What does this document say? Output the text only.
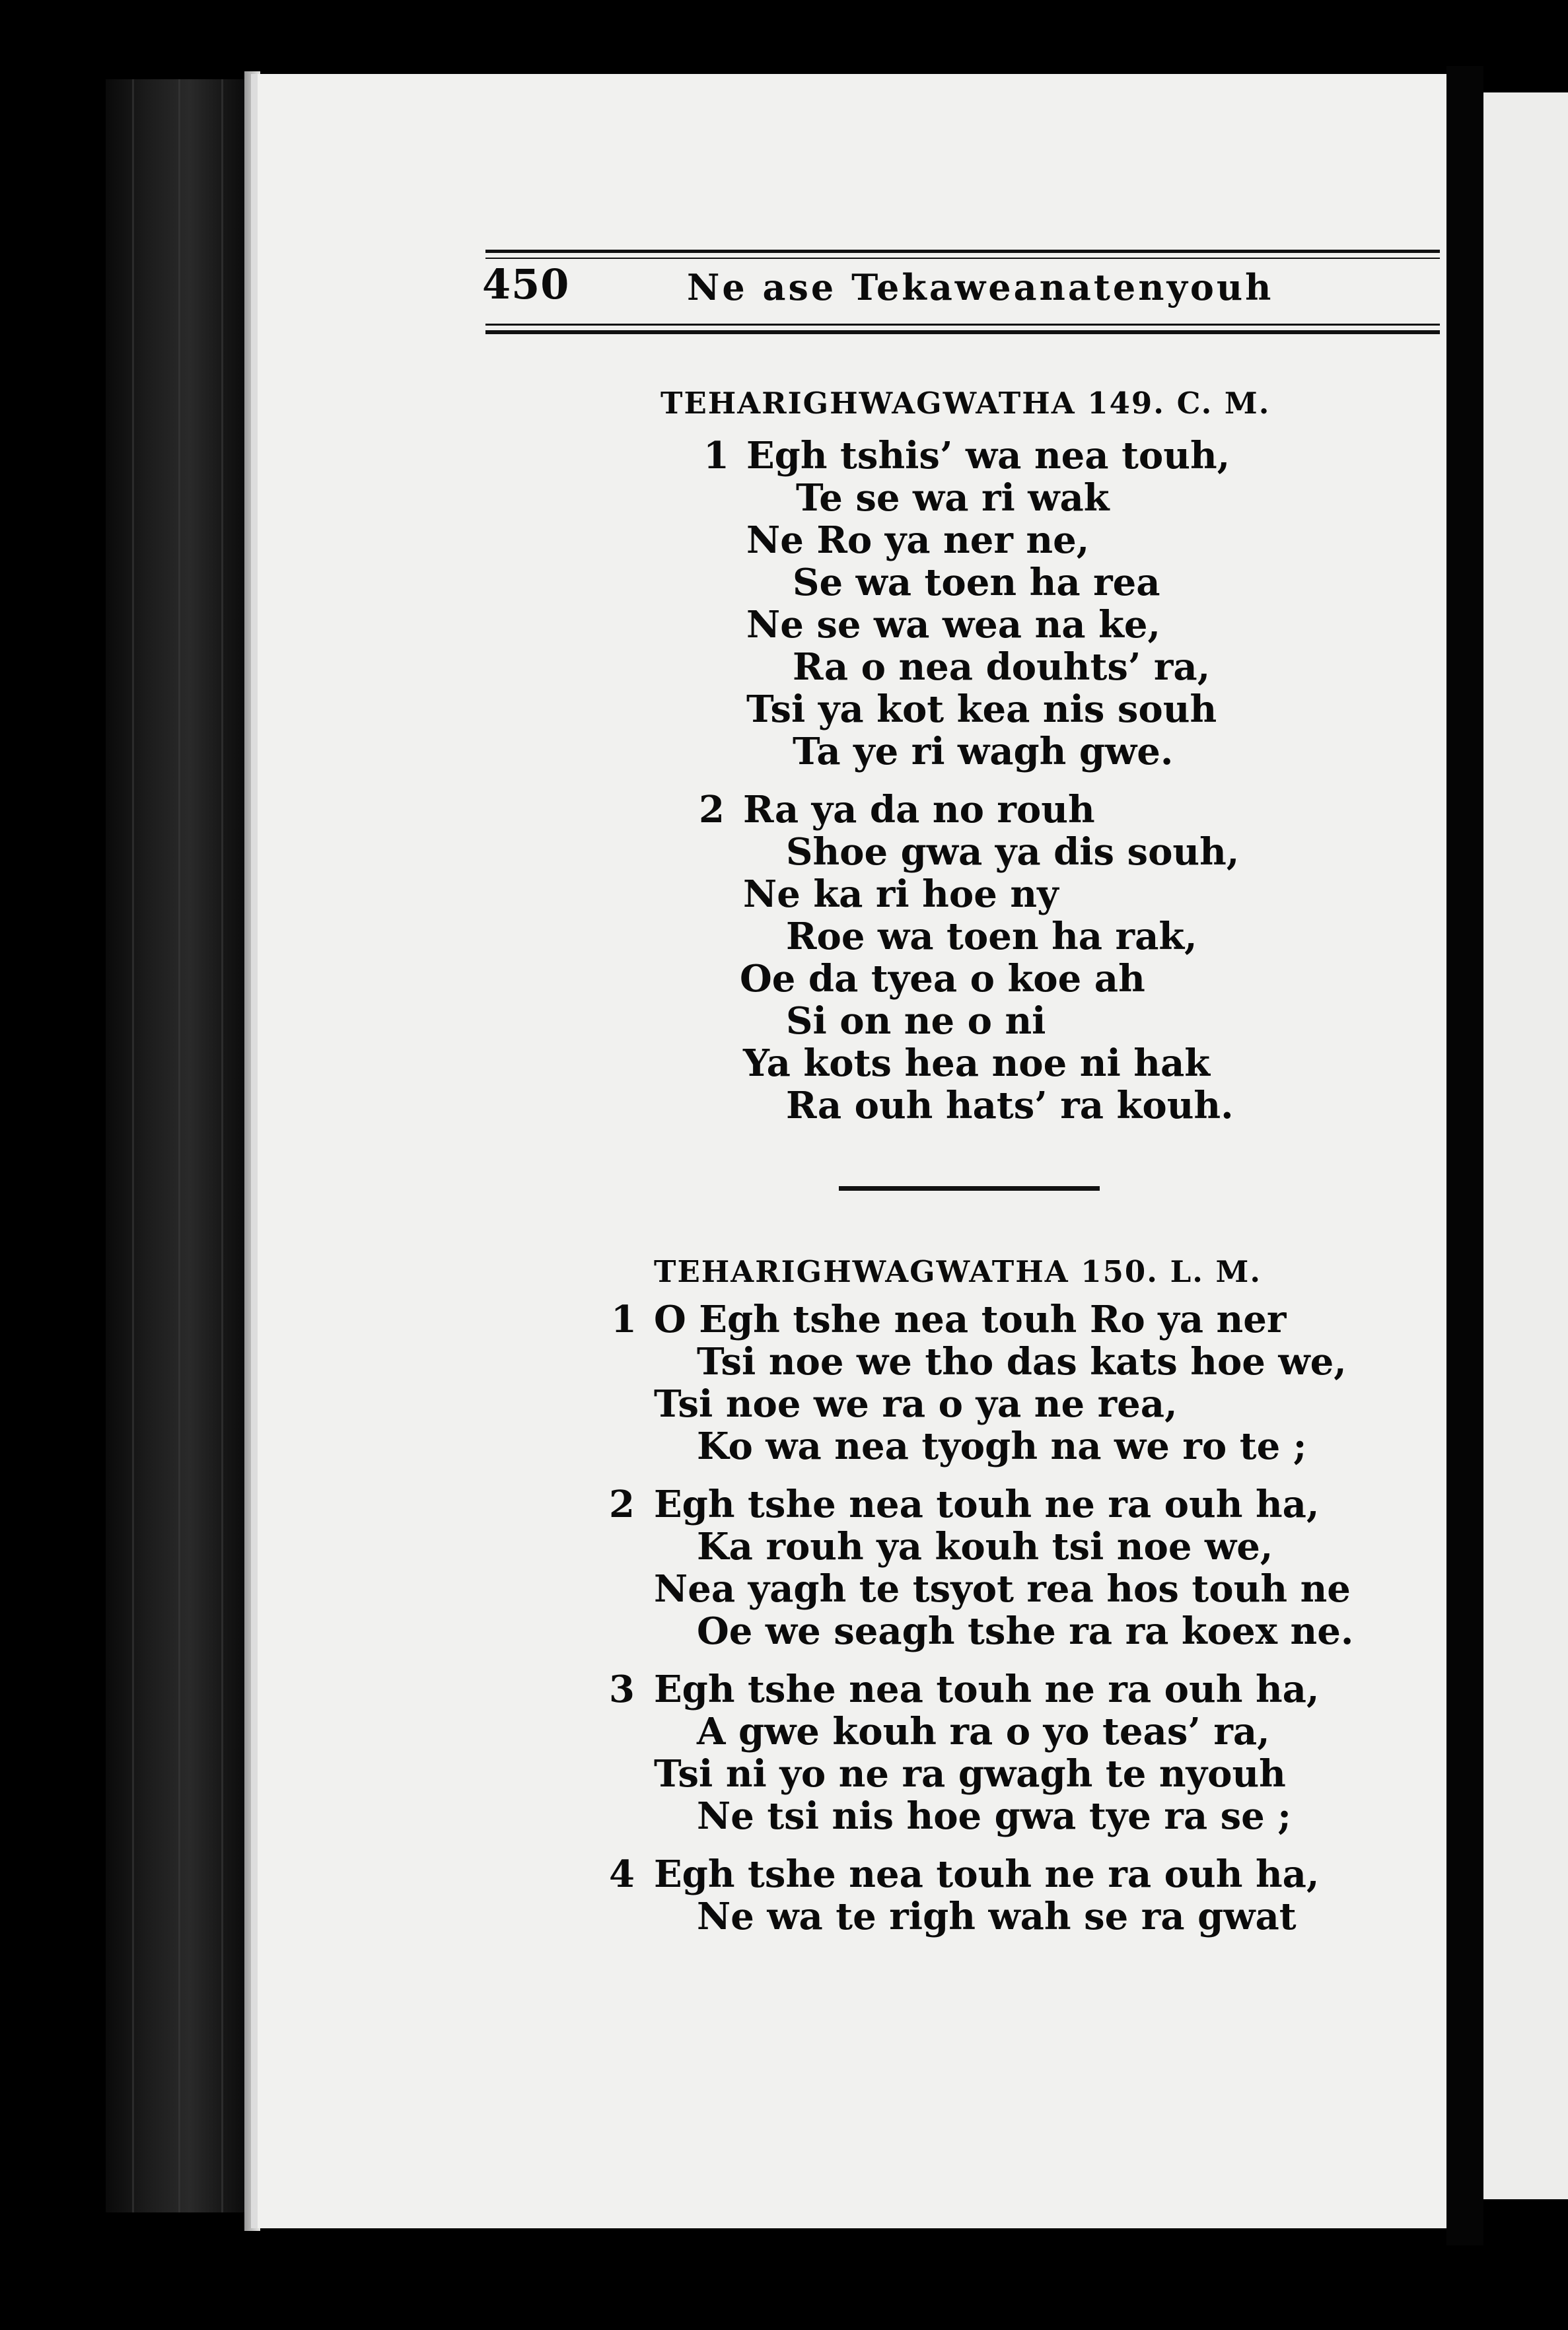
450	Ne ase Tekaweanatenyouh
TEHARIGHWAGWATHA 149. C. M.
1 Egh tshis’ wa nea touh,
Te se wa ri wak
Ne Ro ya ner ne,
Se wa toen ha rea
Ne se wa wea na ke,
Ra o nea douhts’ ra,
Tsi ya kot kea nis souh
Ta ye ri wagh gwe.
2 Ra ya da no rouh
Shoe gwa ya dis souh,
Ne ka ri hoe ny
Roe wa toen ha rak,
Oe da tyea o koe ah
Si on ne o ni
Ya kots hea noe ni hak
Ra ouh hats’ ra kouh.
TEHARIGHWAGWATHA 150. L. M.
1 O Egh tshe nea touh Ro ya ner
Tsi noe we tho das kats hoe we,
Tsi noe we ra o ya ne rea,
Ko wa nea tyogh na we ro te ;
2 Egh tshe nea touh ne ra ouh ha,
Ka rouh ya kouh tsi noe we,
Nea yagh te tsyot rea hos touh ne
Oe we seagh tshe ra ra koex ne.
3 Egh tshe nea touh ne ra ouh ha,
A gwe kouh ra o yo teas’ ra,
Tsi ni yo ne ra gwagh te nyouh
Ne tsi nis hoe gwa tye ra se ;
4 Egh tshe nea touh ne ra ouh ha,
Ne wa te righ wah se ra gwat
